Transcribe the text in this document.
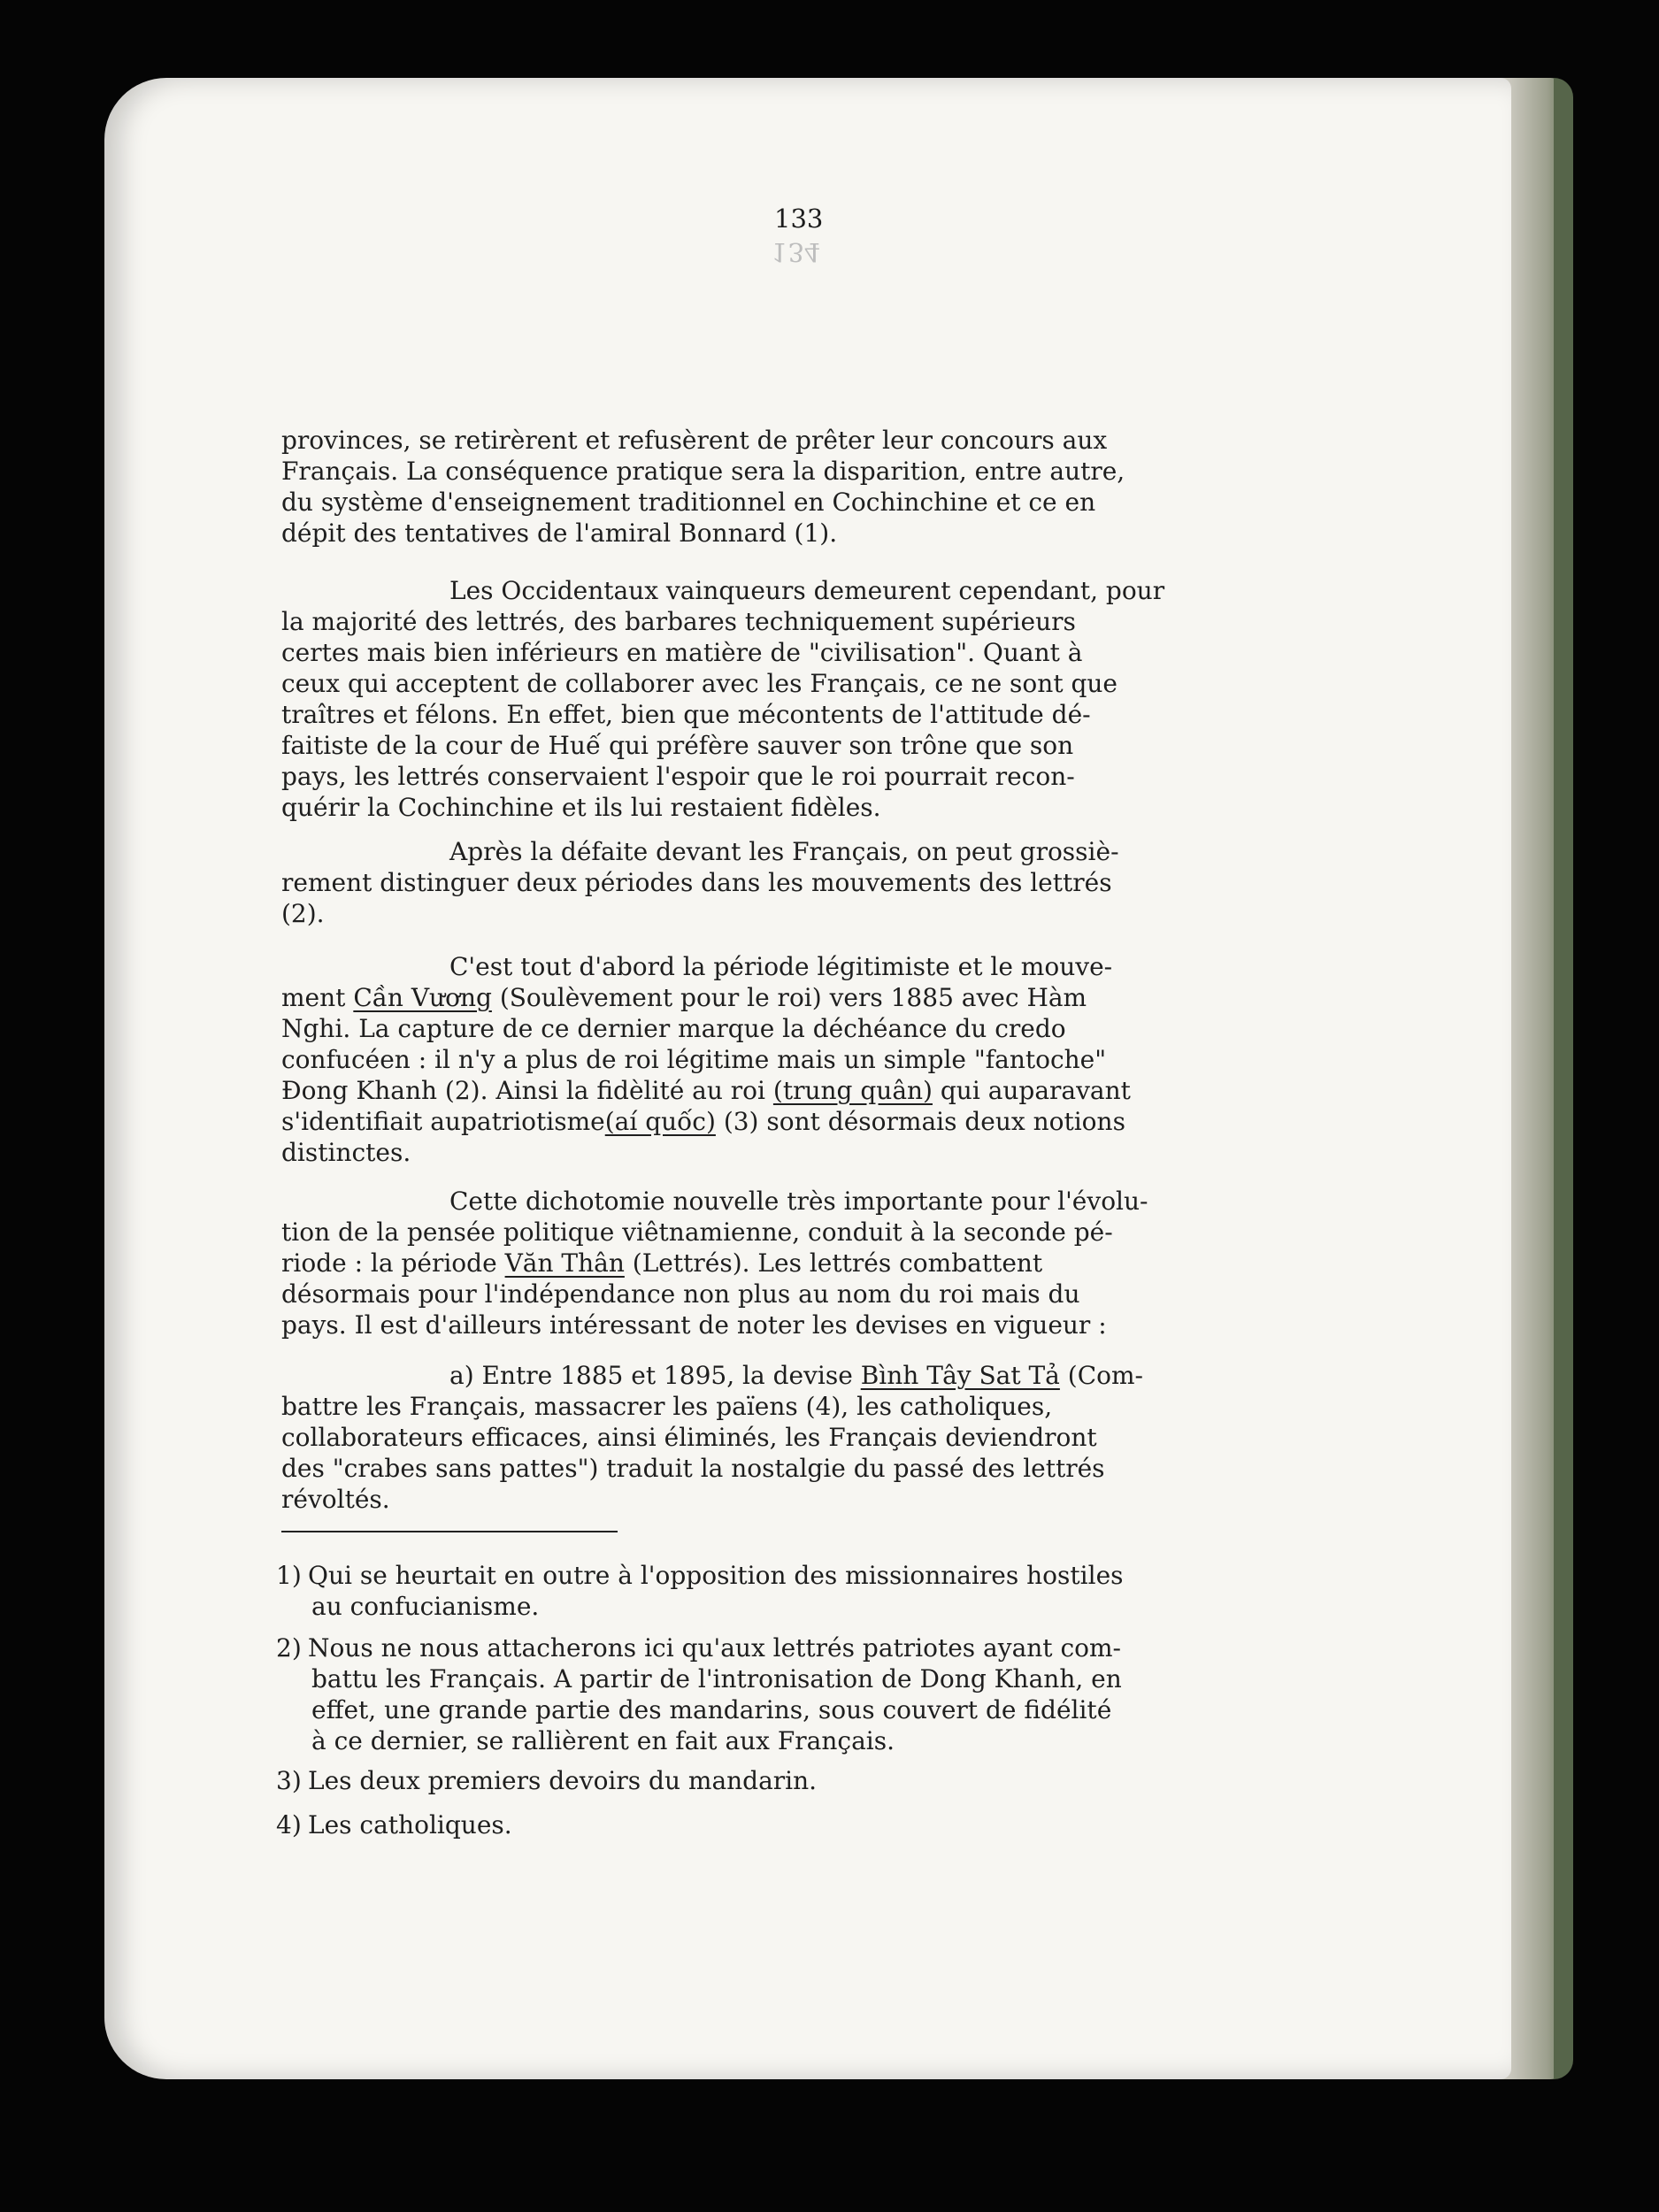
134
133

provinces, se retirèrent et refusèrent de prêter leur concours aux
Français. La conséquence pratique sera la disparition, entre autre,
du système d'enseignement traditionnel en Cochinchine et ce en
dépit des tentatives de l'amiral Bonnard (1).

Les Occidentaux vainqueurs demeurent cependant, pour
la majorité des lettrés, des barbares techniquement supérieurs
certes mais bien inférieurs en matière de "civilisation". Quant à
ceux qui acceptent de collaborer avec les Français, ce ne sont que
traîtres et félons. En effet, bien que mécontents de l'attitude dé-
faitiste de la cour de Huế qui préfère sauver son trône que son
pays, les lettrés conservaient l'espoir que le roi pourrait recon-
quérir la Cochinchine et ils lui restaient fidèles.

Après la défaite devant les Français, on peut grossiè-
rement distinguer deux périodes dans les mouvements des lettrés
(2).

C'est tout d'abord la période légitimiste et le mouve-
ment Cần Vương (Soulèvement pour le roi) vers 1885 avec Hàm
Nghi. La capture de ce dernier marque la déchéance du credo
confucéen : il n'y a plus de roi légitime mais un simple "fantoche"
Đong Khanh (2). Ainsi la fidèlité au roi (trung quân) qui auparavant
s'identifiait aupatriotisme(aí quốc) (3) sont désormais deux notions
distinctes.

Cette dichotomie nouvelle très importante pour l'évolu-
tion de la pensée politique viêtnamienne, conduit à la seconde pé-
riode : la période Văn Thân (Lettrés). Les lettrés combattent
désormais pour l'indépendance non plus au nom du roi mais du
pays. Il est d'ailleurs intéressant de noter les devises en vigueur :

a) Entre 1885 et 1895, la devise Bình Tây Sat Tả (Com-
battre les Français, massacrer les païens (4), les catholiques,
collaborateurs efficaces, ainsi éliminés, les Français deviendront
des "crabes sans pattes") traduit la nostalgie du passé des lettrés
révoltés.

1) Qui se heurtait en outre à l'opposition des missionnaires hostiles
au confucianisme.

2) Nous ne nous attacherons ici qu'aux lettrés patriotes ayant com-
battu les Français. A partir de l'intronisation de Dong Khanh, en
effet, une grande partie des mandarins, sous couvert de fidélité
à ce dernier, se rallièrent en fait aux Français.

3) Les deux premiers devoirs du mandarin.

4) Les catholiques.
